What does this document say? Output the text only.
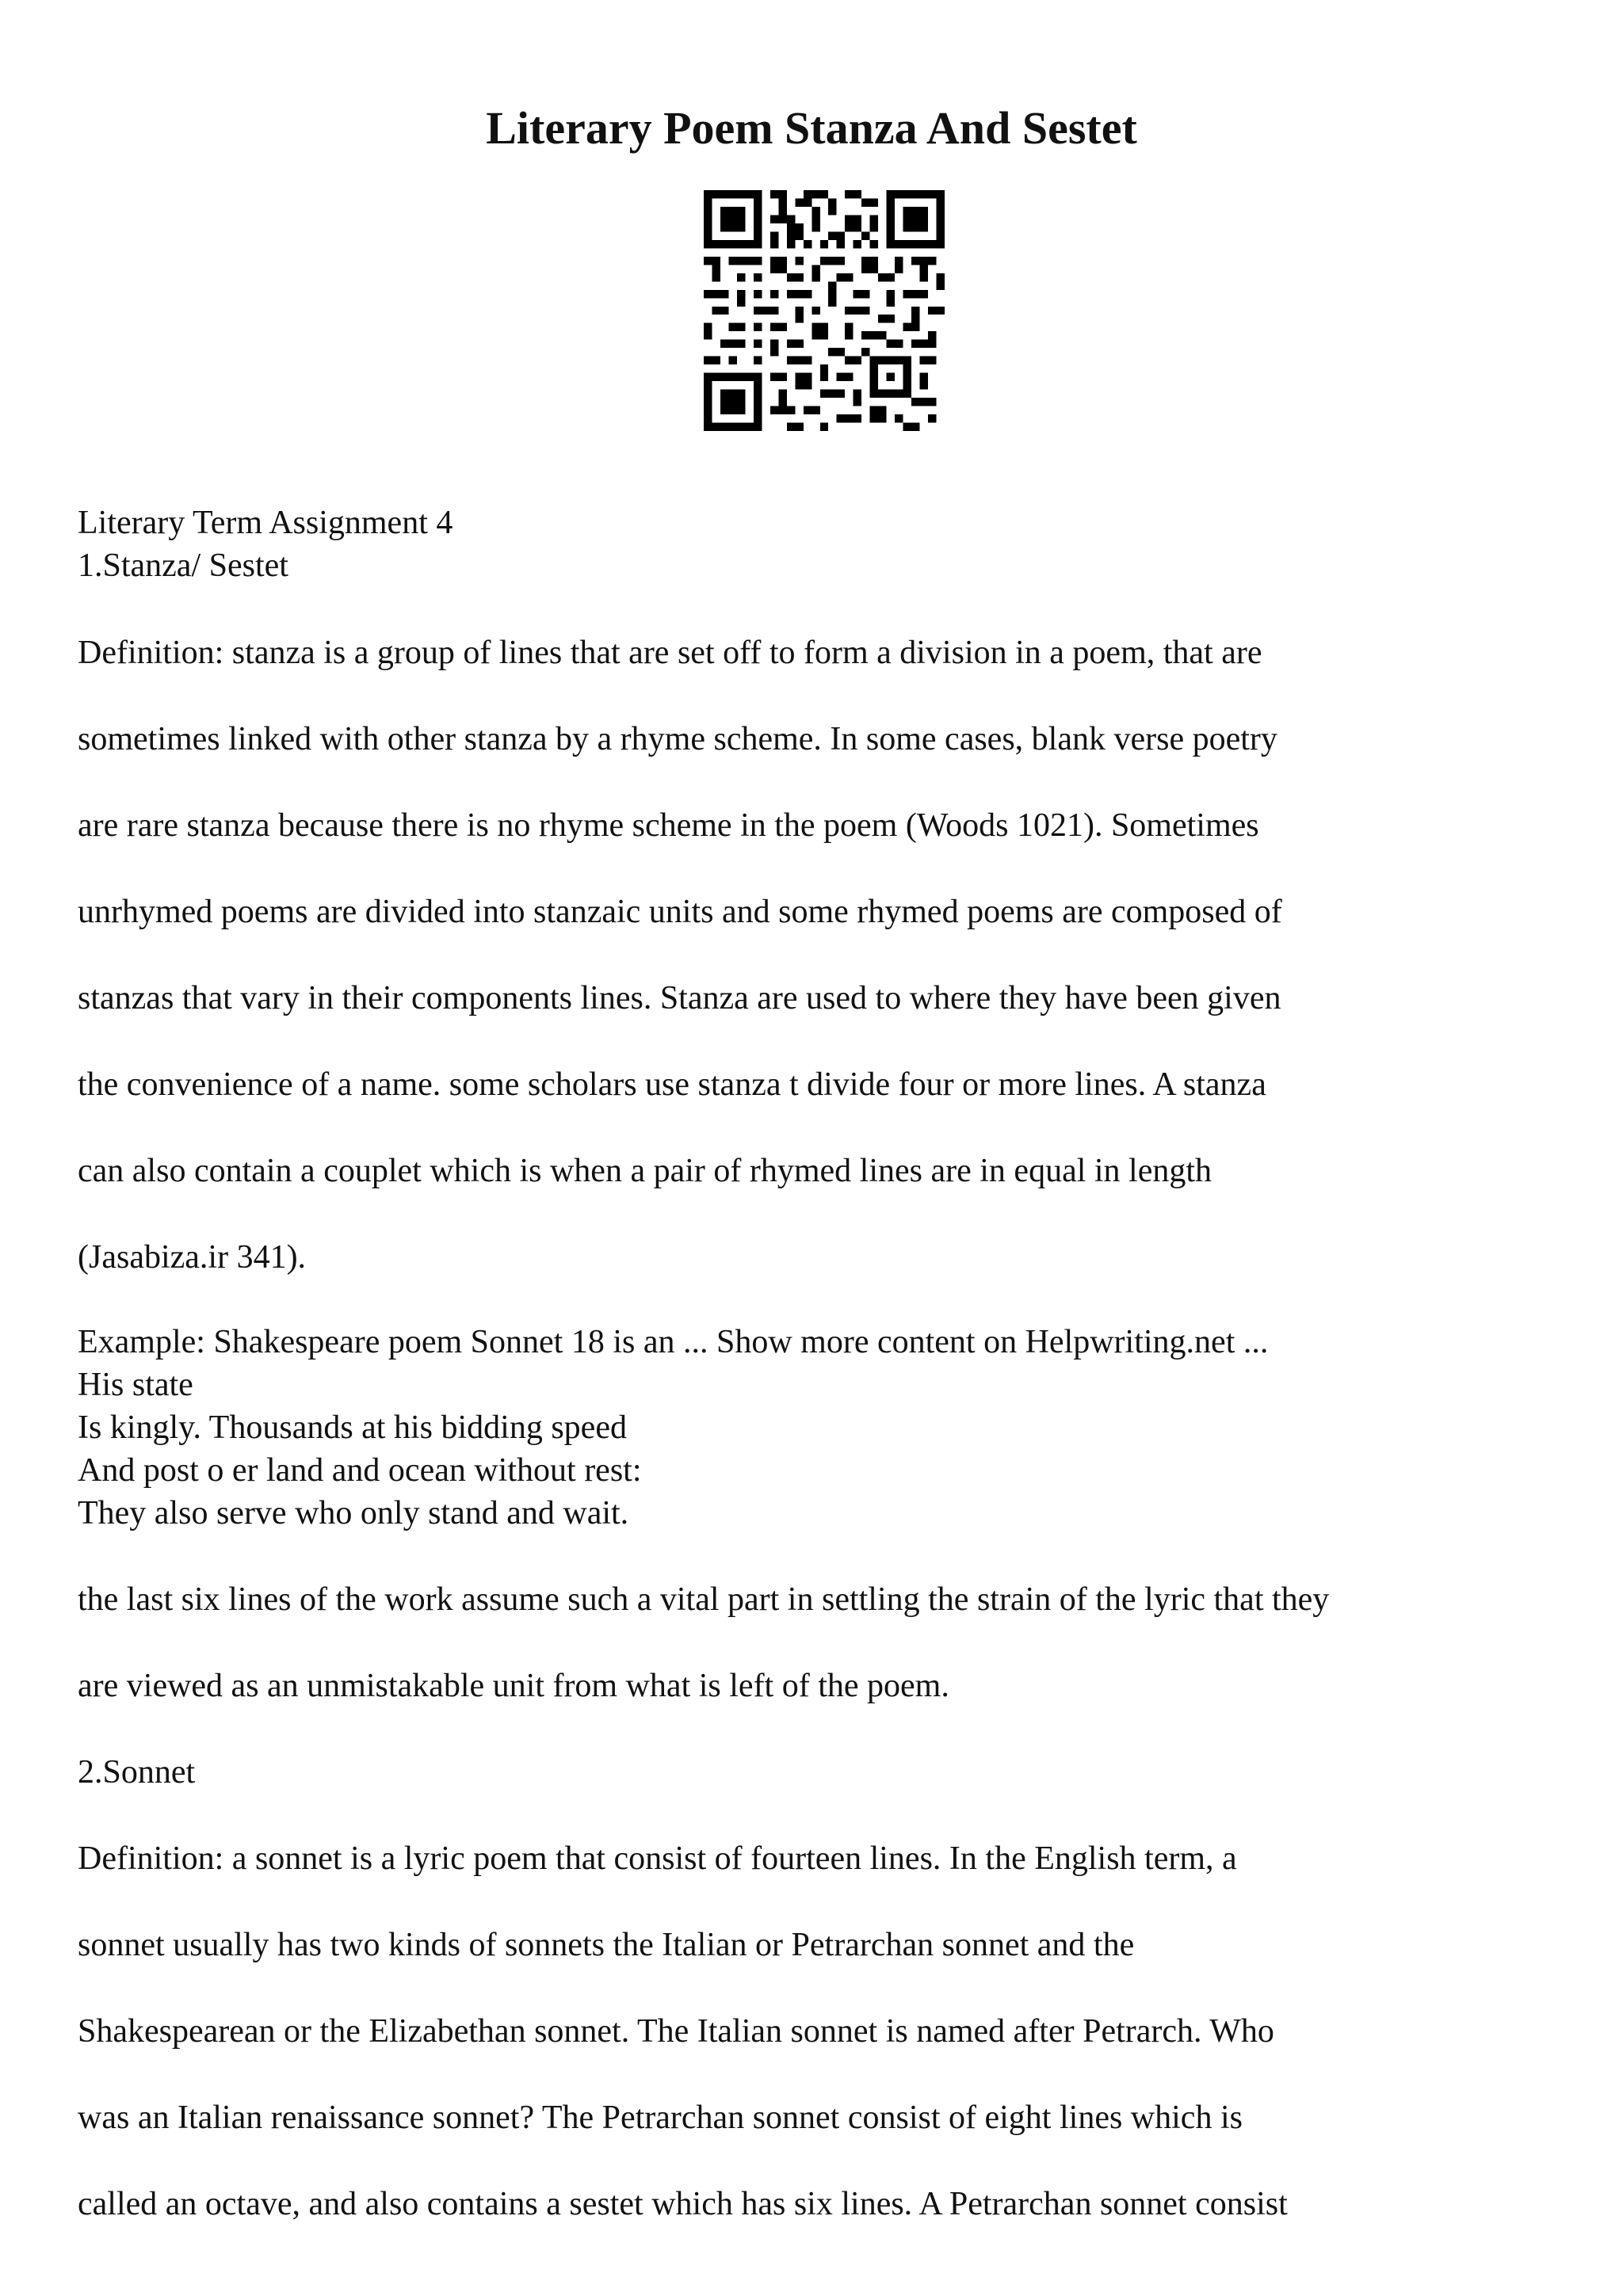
Literary Poem Stanza And Sestet

Literary Term Assignment 4

1.Stanza/ Sestet

Definition: stanza is a group of lines that are set off to form a division in a poem, that are

sometimes linked with other stanza by a rhyme scheme. In some cases, blank verse poetry

are rare stanza because there is no rhyme scheme in the poem (Woods 1021). Sometimes

unrhymed poems are divided into stanzaic units and some rhymed poems are composed of

stanzas that vary in their components lines. Stanza are used to where they have been given

the convenience of a name. some scholars use stanza t divide four or more lines. A stanza

can also contain a couplet which is when a pair of rhymed lines are in equal in length

(Jasabiza.ir 341).

Example: Shakespeare poem Sonnet 18 is an ... Show more content on Helpwriting.net ...

His state

Is kingly. Thousands at his bidding speed

And post o er land and ocean without rest:

They also serve who only stand and wait.

the last six lines of the work assume such a vital part in settling the strain of the lyric that they

are viewed as an unmistakable unit from what is left of the poem.

2.Sonnet

Definition: a sonnet is a lyric poem that consist of fourteen lines. In the English term, a

sonnet usually has two kinds of sonnets the Italian or Petrarchan sonnet and the

Shakespearean or the Elizabethan sonnet. The Italian sonnet is named after Petrarch. Who

was an Italian renaissance sonnet? The Petrarchan sonnet consist of eight lines which is

called an octave, and also contains a sestet which has six lines. A Petrarchan sonnet consist
